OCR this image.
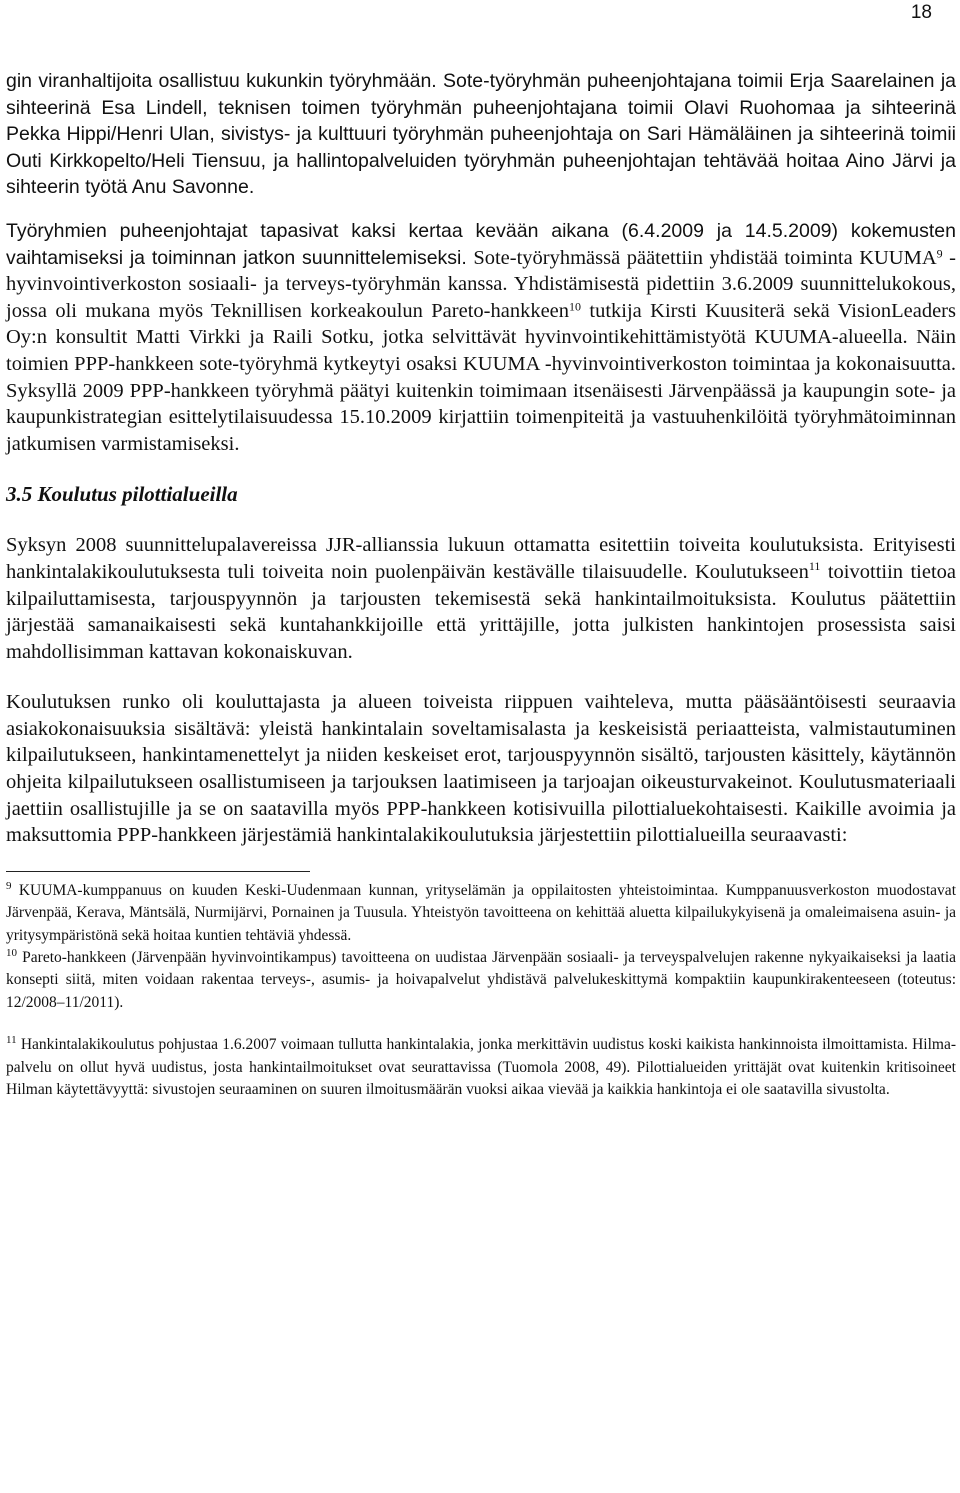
18

gin viranhaltijoita osallistuu kukunkin työryhmään. Sote-työryhmän puheenjohtajana toimii Erja Saarelainen ja sihteerinä Esa Lindell, teknisen toimen työryhmän puheenjohtajana toimii Olavi Ruohomaa ja sihteerinä Pekka Hippi/Henri Ulan, sivistys- ja kulttuuri työryhmän puheenjohtaja on Sari Hämäläinen ja sihteerinä toimii Outi Kirkkopelto/Heli Tiensuu, ja hallintopalveluiden työryhmän puheenjohtajan tehtävää hoitaa Aino Järvi ja sihteerin työtä Anu Savonne.

Työryhmien puheenjohtajat tapasivat kaksi kertaa kevään aikana (6.4.2009 ja 14.5.2009) kokemusten vaihtamiseksi ja toiminnan jatkon suunnittelemiseksi. Sote-työryhmässä päätettiin yhdistää toiminta KUUMA$^9$ -hyvinvointiverkoston sosiaali- ja terveys-työryhmän kanssa. Yhdistämisestä pidettiin 3.6.2009 suunnittelukokous, jossa oli mukana myös Teknillisen korkeakoulun Pareto-hankkeen$^{10}$ tutkija Kirsti Kuusiterä sekä VisionLeaders Oy:n konsultit Matti Virkki ja Raili Sotku, jotka selvittävät hyvinvointikehittämistyötä KUUMA-alueella. Näin toimien PPP-hankkeen sote-työryhmä kytkeytyi osaksi KUUMA -hyvinvointiverkoston toimintaa ja kokonaisuutta. Syksyllä 2009 PPP-hankkeen työryhmä päätyi kuitenkin toimimaan itsenäisesti Järvenpäässä ja kaupungin sote- ja kaupunkistrategian esittelytilaisuudessa 15.10.2009 kirjattiin toimenpiteitä ja vastuuhenkilöitä työryhmätoiminnan jatkumisen varmistamiseksi.

3.5 Koulutus pilottialueilla

Syksyn 2008 suunnittelupalavereissa JJR-allianssia lukuun ottamatta esitettiin toiveita koulutuksista. Erityisesti hankintalakikoulutuksesta tuli toiveita noin puolenpäivän kestävälle tilaisuudelle. Koulutukseen$^{11}$ toivottiin tietoa kilpailuttamisesta, tarjouspyynnön ja tarjousten tekemisestä sekä hankintailmoituksista. Koulutus päätettiin järjestää samanaikaisesti sekä kuntahankkijoille että yrittäjille, jotta julkisten hankintojen prosessista saisi mahdollisimman kattavan kokonaiskuvan.

Koulutuksen runko oli kouluttajasta ja alueen toiveista riippuen vaihteleva, mutta pääsääntöisesti seuraavia asiakokonaisuuksia sisältävä: yleistä hankintalain soveltamisalasta ja keskeisistä periaatteista, valmistautuminen kilpailutukseen, hankintamenettelyt ja niiden keskeiset erot, tarjouspyynnön sisältö, tarjousten käsittely, käytännön ohjeita kilpailutukseen osallistumiseen ja tarjouksen laatimiseen ja tarjoajan oikeusturvakeinot. Koulutusmateriaali jaettiin osallistujille ja se on saatavilla myös PPP-hankkeen kotisivuilla pilottialuekohtaisesti. Kaikille avoimia ja maksuttomia PPP-hankkeen järjestämiä hankintalakikoulutuksia järjestettiin pilottialueilla seuraavasti:

$^9$ KUUMA-kumppanuus on kuuden Keski-Uudenmaan kunnan, yrityselämän ja oppilaitosten yhteistoimintaa. Kumppanuusverkoston muodostavat Järvenpää, Kerava, Mäntsälä, Nurmijärvi, Pornainen ja Tuusula. Yhteistyön tavoitteena on kehittää aluetta kilpailukykyisenä ja omaleimaisena asuin- ja yritysympäristönä sekä hoitaa kuntien tehtäviä yhdessä.

$^{10}$ Pareto-hankkeen (Järvenpään hyvinvointikampus) tavoitteena on uudistaa Järvenpään sosiaali- ja terveyspalvelujen rakenne nykyaikaiseksi ja laatia konsepti siitä, miten voidaan rakentaa terveys-, asumis- ja hoivapalvelut yhdistävä palvelukeskittymä kompaktiin kaupunkirakenteeseen (toteutus: 12/2008–11/2011).

$^{11}$ Hankintalakikoulutus pohjustaa 1.6.2007 voimaan tullutta hankintalakia, jonka merkittävin uudistus koski kaikista hankinnoista ilmoittamista. Hilma-palvelu on ollut hyvä uudistus, josta hankintailmoitukset ovat seurattavissa (Tuomola 2008, 49). Pilottialueiden yrittäjät ovat kuitenkin kritisoineet Hilman käytettävyyttä: sivustojen seuraaminen on suuren ilmoitusmäärän vuoksi aikaa vievää ja kaikkia hankintoja ei ole saatavilla sivustolta.
